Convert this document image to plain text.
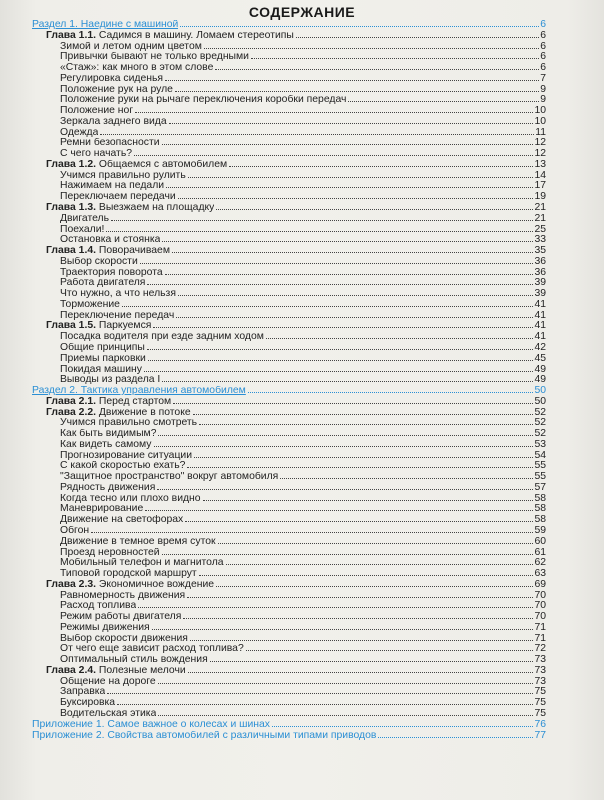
СОДЕРЖАНИЕ
Раздел 1. Наедине с машиной	6
Глава 1.1. Садимся в машину. Ломаем стереотипы	6
Зимой и летом одним цветом	6
Привычки бывают не только вредными	6
«Стаж»: как много в этом слове	6
Регулировка сиденья	7
Положение рук на руле	9
Положение руки на рычаге переключения коробки передач	9
Положение ног	10
Зеркала заднего вида	10
Одежда	11
Ремни безопасности	12
С чего начать?	12
Глава 1.2. Общаемся с автомобилем	13
Учимся правильно рулить	14
Нажимаем на педали	17
Переключаем передачи	19
Глава 1.3. Выезжаем на площадку	21
Двигатель	21
Поехали!	25
Остановка и стоянка	33
Глава 1.4. Поворачиваем	35
Выбор скорости	36
Траектория поворота	36
Работа двигателя	39
Что нужно, а что нельзя	39
Торможение	41
Переключение передач	41
Глава 1.5. Паркуемся	41
Посадка водителя при езде задним ходом	41
Общие принципы	42
Приемы парковки	45
Покидая машину	49
Выводы из раздела I	49
Раздел 2. Тактика управления автомобилем	50
Глава 2.1. Перед стартом	50
Глава 2.2. Движение в потоке	52
Учимся правильно смотреть	52
Как быть видимым?	52
Как видеть самому	53
Прогнозирование ситуации	54
С какой скоростью ехать?	55
"Защитное пространство" вокруг автомобиля	55
Рядность движения	57
Когда тесно или плохо видно	58
Маневрирование	58
Движение на светофорах	58
Обгон	59
Движение в темное время суток	60
Проезд неровностей	61
Мобильный телефон и магнитола	62
Типовой городской маршрут	63
Глава 2.3. Экономичное вождение	69
Равномерность движения	70
Расход топлива	70
Режим работы двигателя	70
Режимы движения	71
Выбор скорости движения	71
От чего еще зависит расход топлива?	72
Оптимальный стиль вождения	73
Глава 2.4. Полезные мелочи	73
Общение на дороге	73
Заправка	75
Буксировка	75
Водительская этика	75
Приложение 1. Самое важное о колесах и шинах	76
Приложение 2. Свойства автомобилей с различными типами приводов	77
